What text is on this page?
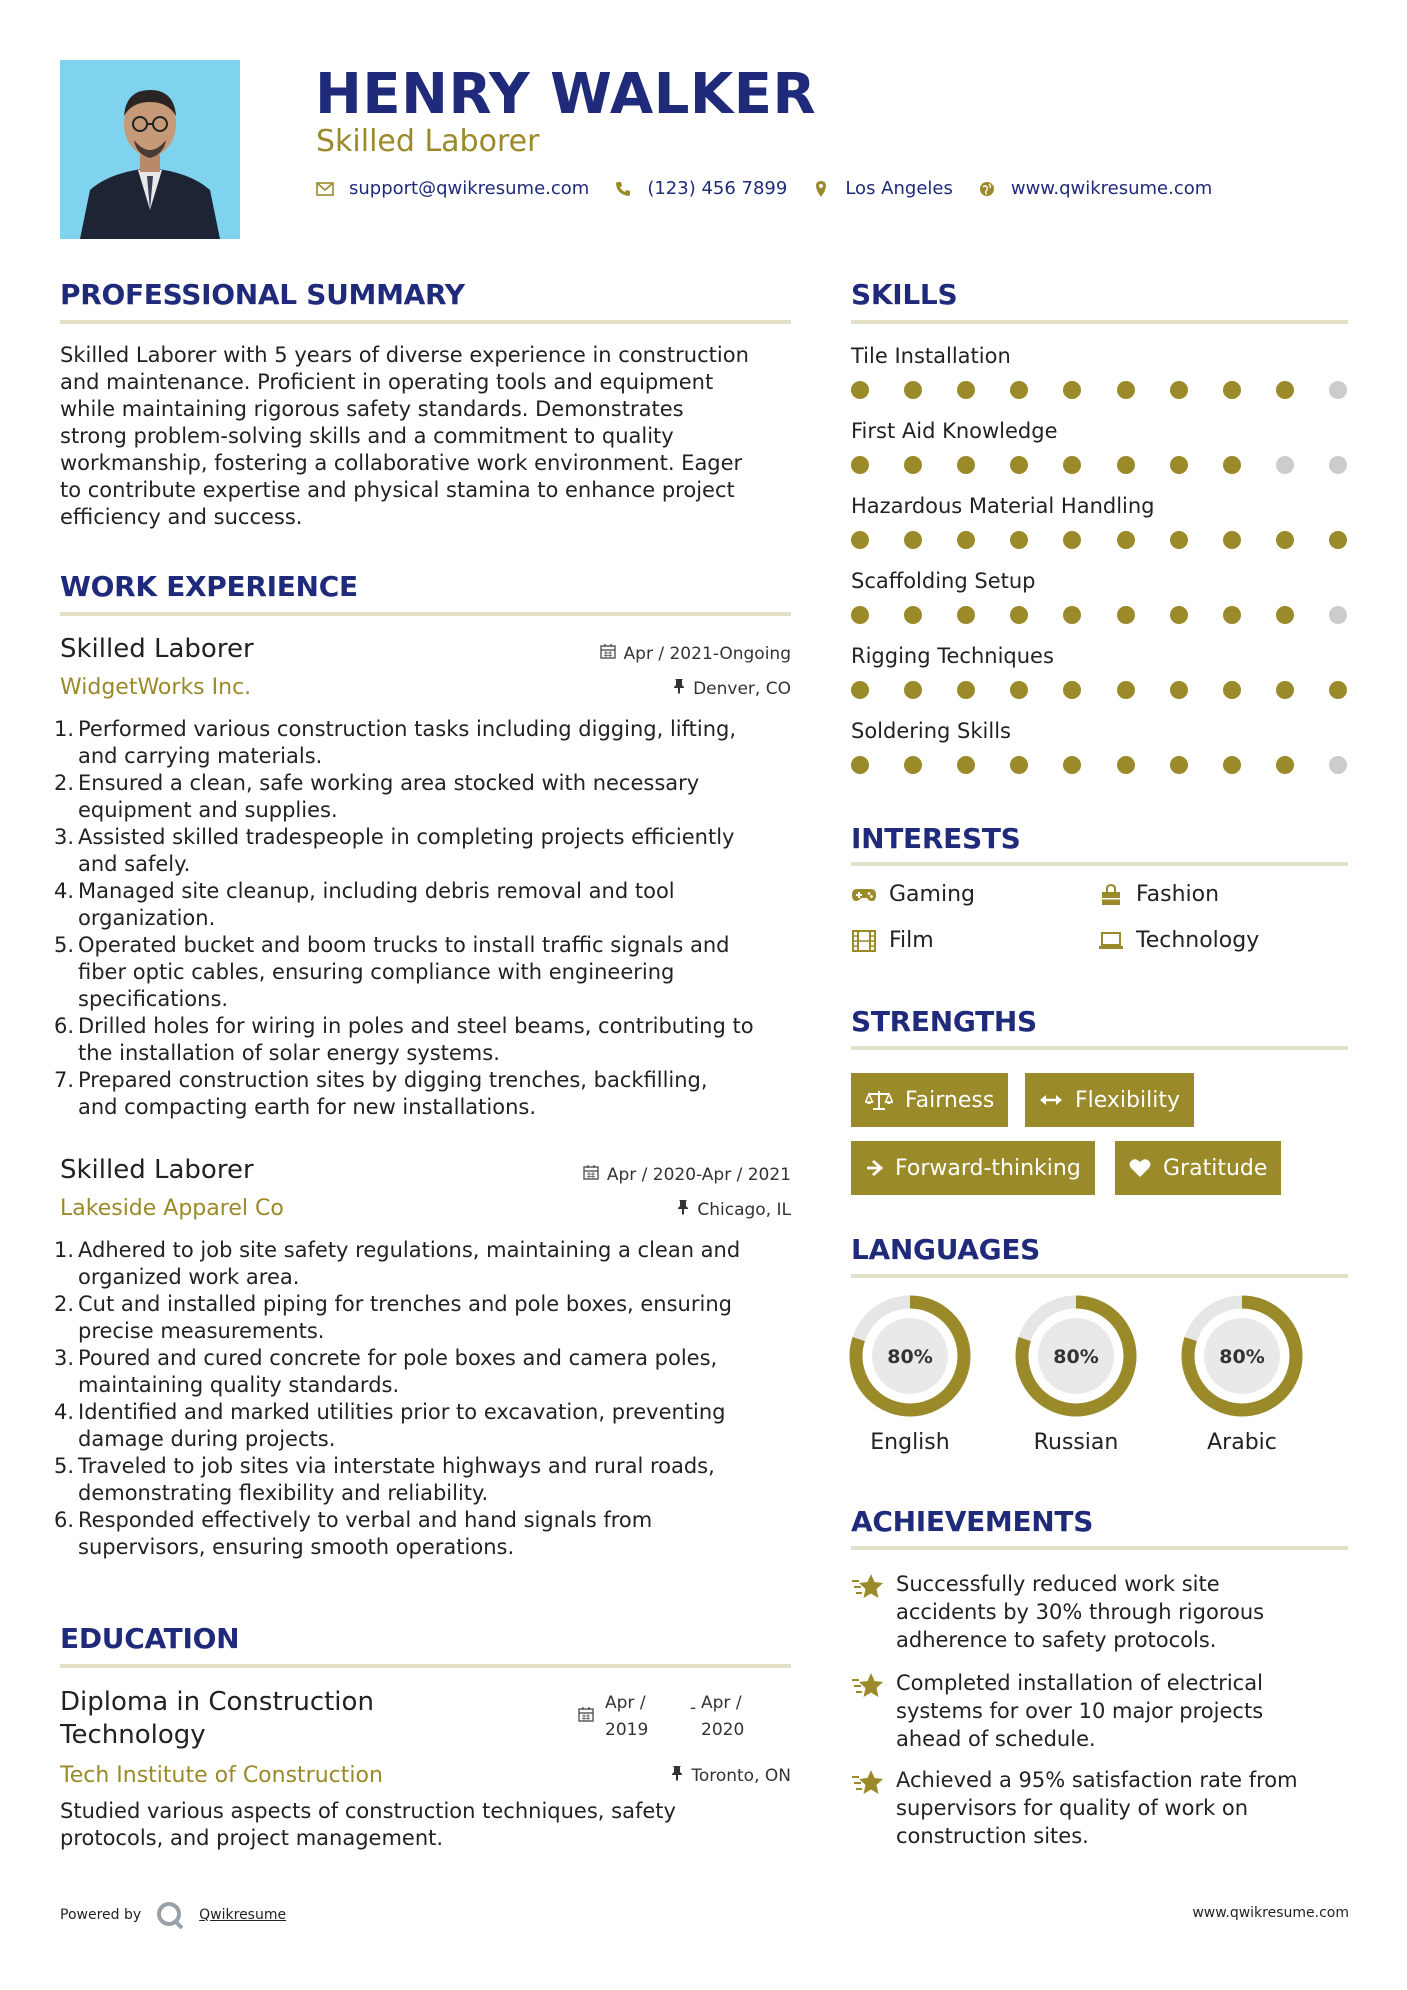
HENRY WALKER
Skilled Laborer
support@qwikresume.com	(123) 456 7899	Los Angeles	www.qwikresume.com
PROFESSIONAL SUMMARY
Skilled Laborer with 5 years of diverse experience in construction
and maintenance. Proficient in operating tools and equipment
while maintaining rigorous safety standards. Demonstrates
strong problem-solving skills and a commitment to quality
workmanship, fostering a collaborative work environment. Eager
to contribute expertise and physical stamina to enhance project
efficiency and success.
WORK EXPERIENCE
Skilled Laborer	Apr / 2021-Ongoing
WidgetWorks Inc.	Denver, CO
1. Performed various construction tasks including digging, lifting,
and carrying materials.
2. Ensured a clean, safe working area stocked with necessary
equipment and supplies.
3. Assisted skilled tradespeople in completing projects efficiently
and safely.
4. Managed site cleanup, including debris removal and tool
organization.
5. Operated bucket and boom trucks to install traffic signals and
fiber optic cables, ensuring compliance with engineering
specifications.
6. Drilled holes for wiring in poles and steel beams, contributing to
the installation of solar energy systems.
7. Prepared construction sites by digging trenches, backfilling,
and compacting earth for new installations.
Skilled Laborer	Apr / 2020-Apr / 2021
Lakeside Apparel Co	Chicago, IL
1. Adhered to job site safety regulations, maintaining a clean and
organized work area.
2. Cut and installed piping for trenches and pole boxes, ensuring
precise measurements.
3. Poured and cured concrete for pole boxes and camera poles,
maintaining quality standards.
4. Identified and marked utilities prior to excavation, preventing
damage during projects.
5. Traveled to job sites via interstate highways and rural roads,
demonstrating flexibility and reliability.
6. Responded effectively to verbal and hand signals from
supervisors, ensuring smooth operations.
EDUCATION
Diploma in Construction
Technology
Apr /
2019
- Apr /
2020
Tech Institute of Construction	Toronto, ON
Studied various aspects of construction techniques, safety
protocols, and project management.
SKILLS
Tile Installation
First Aid Knowledge
Hazardous Material Handling
Scaffolding Setup
Rigging Techniques
Soldering Skills
INTERESTS
Gaming	Fashion
Film	Technology
STRENGTHS
Fairness	Flexibility
Forward-thinking	Gratitude
LANGUAGES
80%
English
80%
Russian
80%
Arabic
ACHIEVEMENTS
Successfully reduced work site
accidents by 30% through rigorous
adherence to safety protocols.
Completed installation of electrical
systems for over 10 major projects
ahead of schedule.
Achieved a 95% satisfaction rate from
supervisors for quality of work on
construction sites.
Powered by	Qwikresume	www.qwikresume.com
